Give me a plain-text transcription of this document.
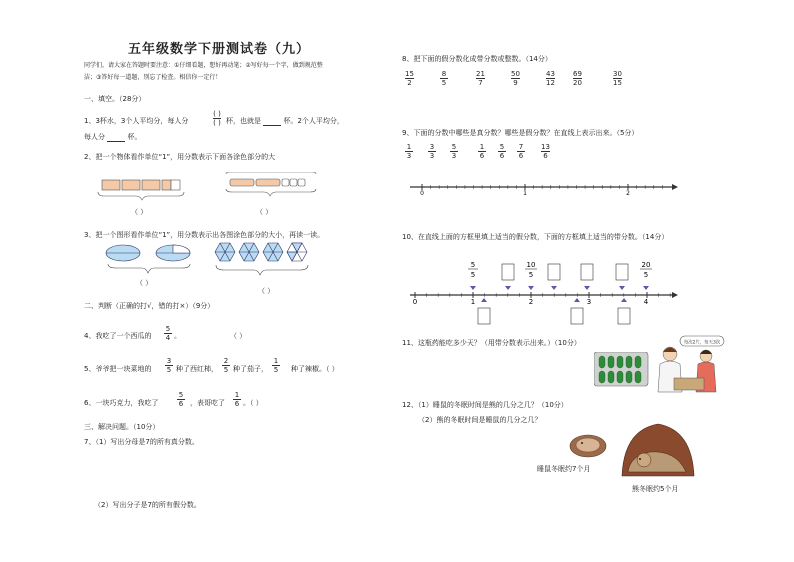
五年级数学下册测试卷（九）
同学们，请大家在答题时要注意：①仔细看题，想好再动笔；②写好每一个字，做到规范整
洁；③答好每一道题，别忘了检查。相信你一定行！
一、填空。（28分）
1、3杯水，3个人平均分，每人分
( )
( ) 杯，也就是	杯。2个人平均分，
每人分	杯。
2、把一个物体看作单位“1”，用分数表示下面各涂色部分的大
（ ）	（ ）
3、把一个图形看作单位“1”，用分数表示出各图涂色部分的大小，再读一读。
（ ）
（ ）
二、判断（正确的打√，错的打×）（9分）
4、我吃了一个西瓜的
5
4 。	（ ）
5、爷爷把一块菜地的
3
5 种了西红柿，
2
5 种了茄子，
1
5 种了辣椒。（ ）
6、一块巧克力，我吃了
5
6 ，表哥吃了
1
6 。（ ）
三、解决问题。（10分）
7、（1）写出分母是7的所有真分数。
（2）写出分子是7的所有假分数。
8、把下面的假分数化成带分数或整数。（14分）
15
2
8
5
21
7
50
9
43
12
69
20
30
15
9、下面的分数中哪些是真分数？哪些是假分数？在直线上表示出来。（5分）
1
3
3
3
5
3
1
6
5
6
7
6
13
6
0	1	2
10、在直线上面的方框里填上适当的假分数，下面的方框填上适当的带分数。（14分）
5
5
10
5
20
5
0	1	2	3	4
11、这瓶药能吃多少天？（用带分数表示出来。）（10分）	每次2片，每天3次
12、（1）睡鼠的冬眠时间是熊的几分之几？（10分）
（2）熊的冬眠时间是睡鼠的几分之几？
睡鼠冬眠约7个月
熊冬眠约5个月
